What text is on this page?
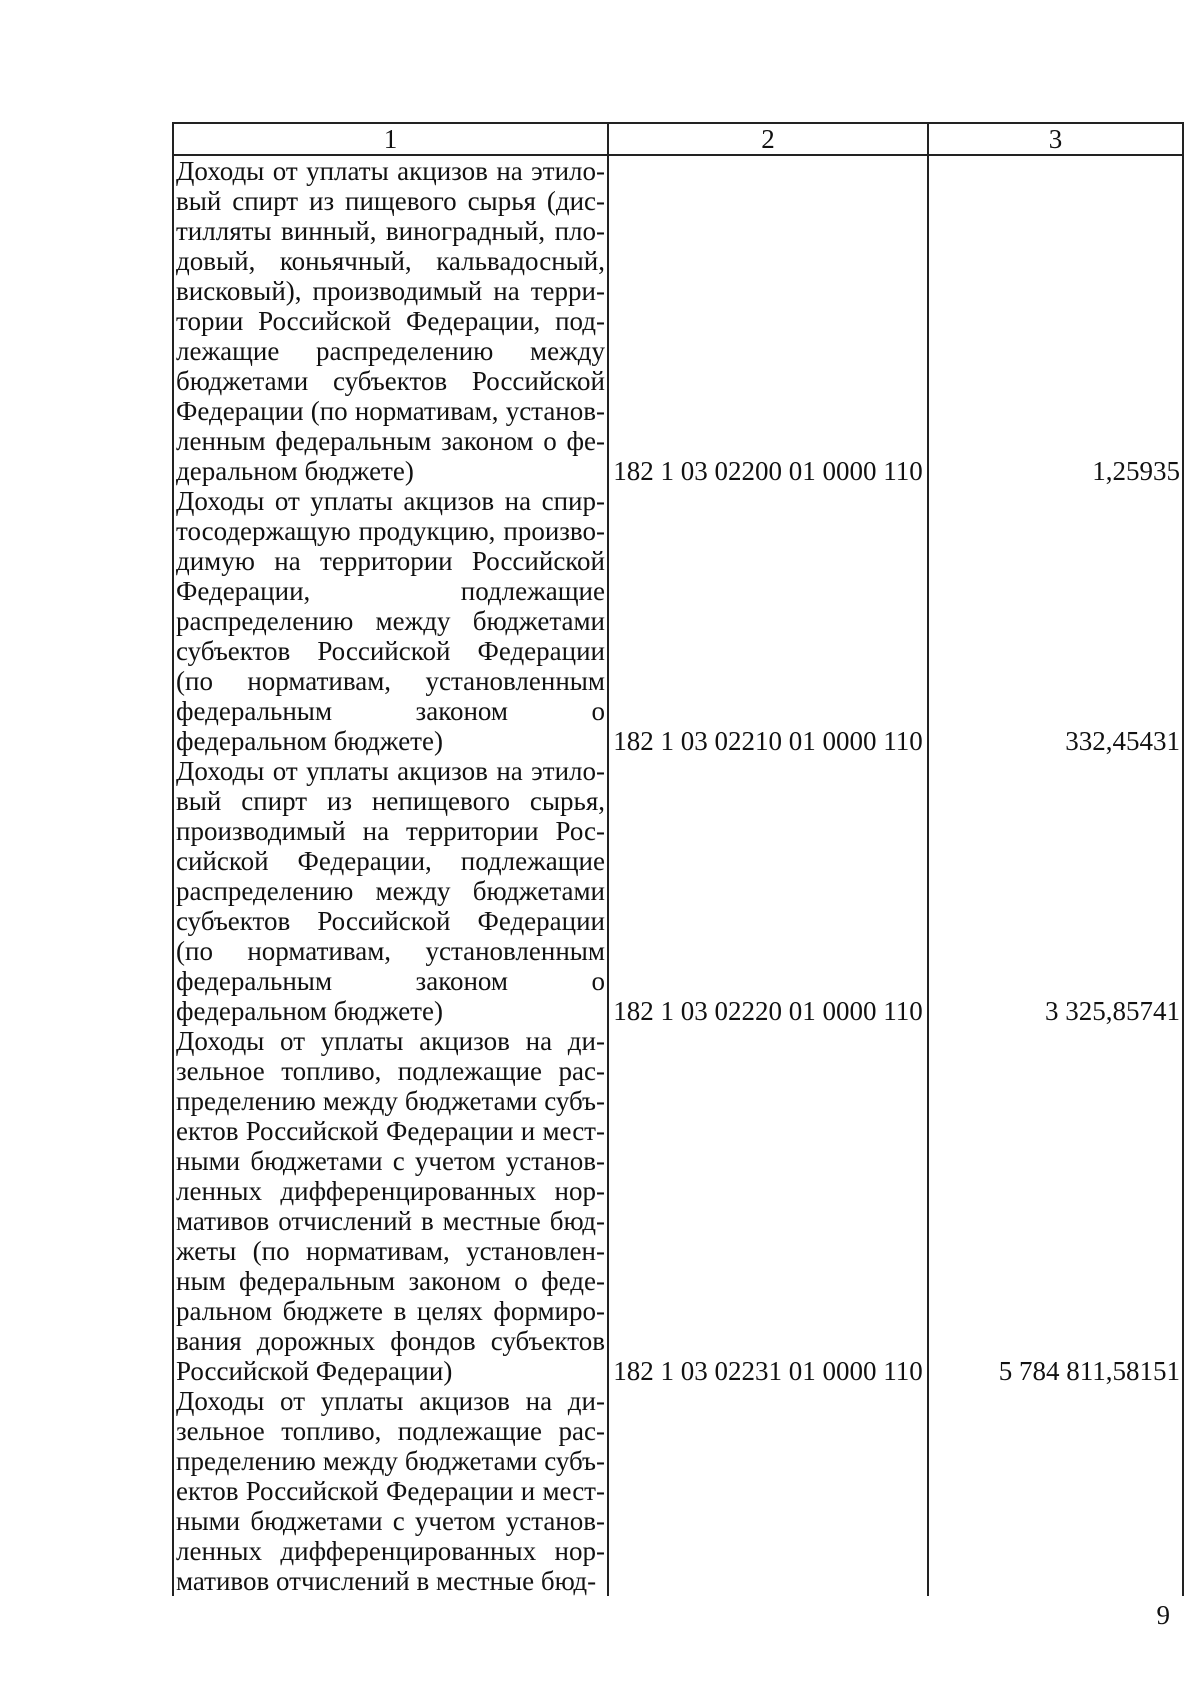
1	2	3

Доходы от уплаты акцизов на этиловый спирт из пищевого сырья (дистилляты винный, виноградный, плодовый, коньячный, кальвадосный, висковый), производимый на территории Российской Федерации, подлежащие распределению между бюджетами субъектов Российской Федерации (по нормативам, установленным федеральным законом о федеральном бюджете)	182 1 03 02200 01 0000 110	1,25935

Доходы от уплаты акцизов на спиртосодержащую продукцию, производимую на территории Российской Федерации, подлежащие распределению между бюджетами субъектов Российской Федерации (по нормативам, установленным федеральным законом о федеральном бюджете)	182 1 03 02210 01 0000 110	332,45431

Доходы от уплаты акцизов на этиловый спирт из непищевого сырья, производимый на территории Российской Федерации, подлежащие распределению между бюджетами субъектов Российской Федерации (по нормативам, установленным федеральным законом о федеральном бюджете)	182 1 03 02220 01 0000 110	3 325,85741

Доходы от уплаты акцизов на дизельное топливо, подлежащие распределению между бюджетами субъектов Российской Федерации и местными бюджетами с учетом установленных дифференцированных нормативов отчислений в местные бюджеты (по нормативам, установленным федеральным законом о федеральном бюджете в целях формирования дорожных фондов субъектов Российской Федерации)	182 1 03 02231 01 0000 110	5 784 811,58151

Доходы от уплаты акцизов на дизельное топливо, подлежащие распределению между бюджетами субъектов Российской Федерации и местными бюджетами с учетом установленных дифференцированных нормативов отчислений в местные бюд-		

9
